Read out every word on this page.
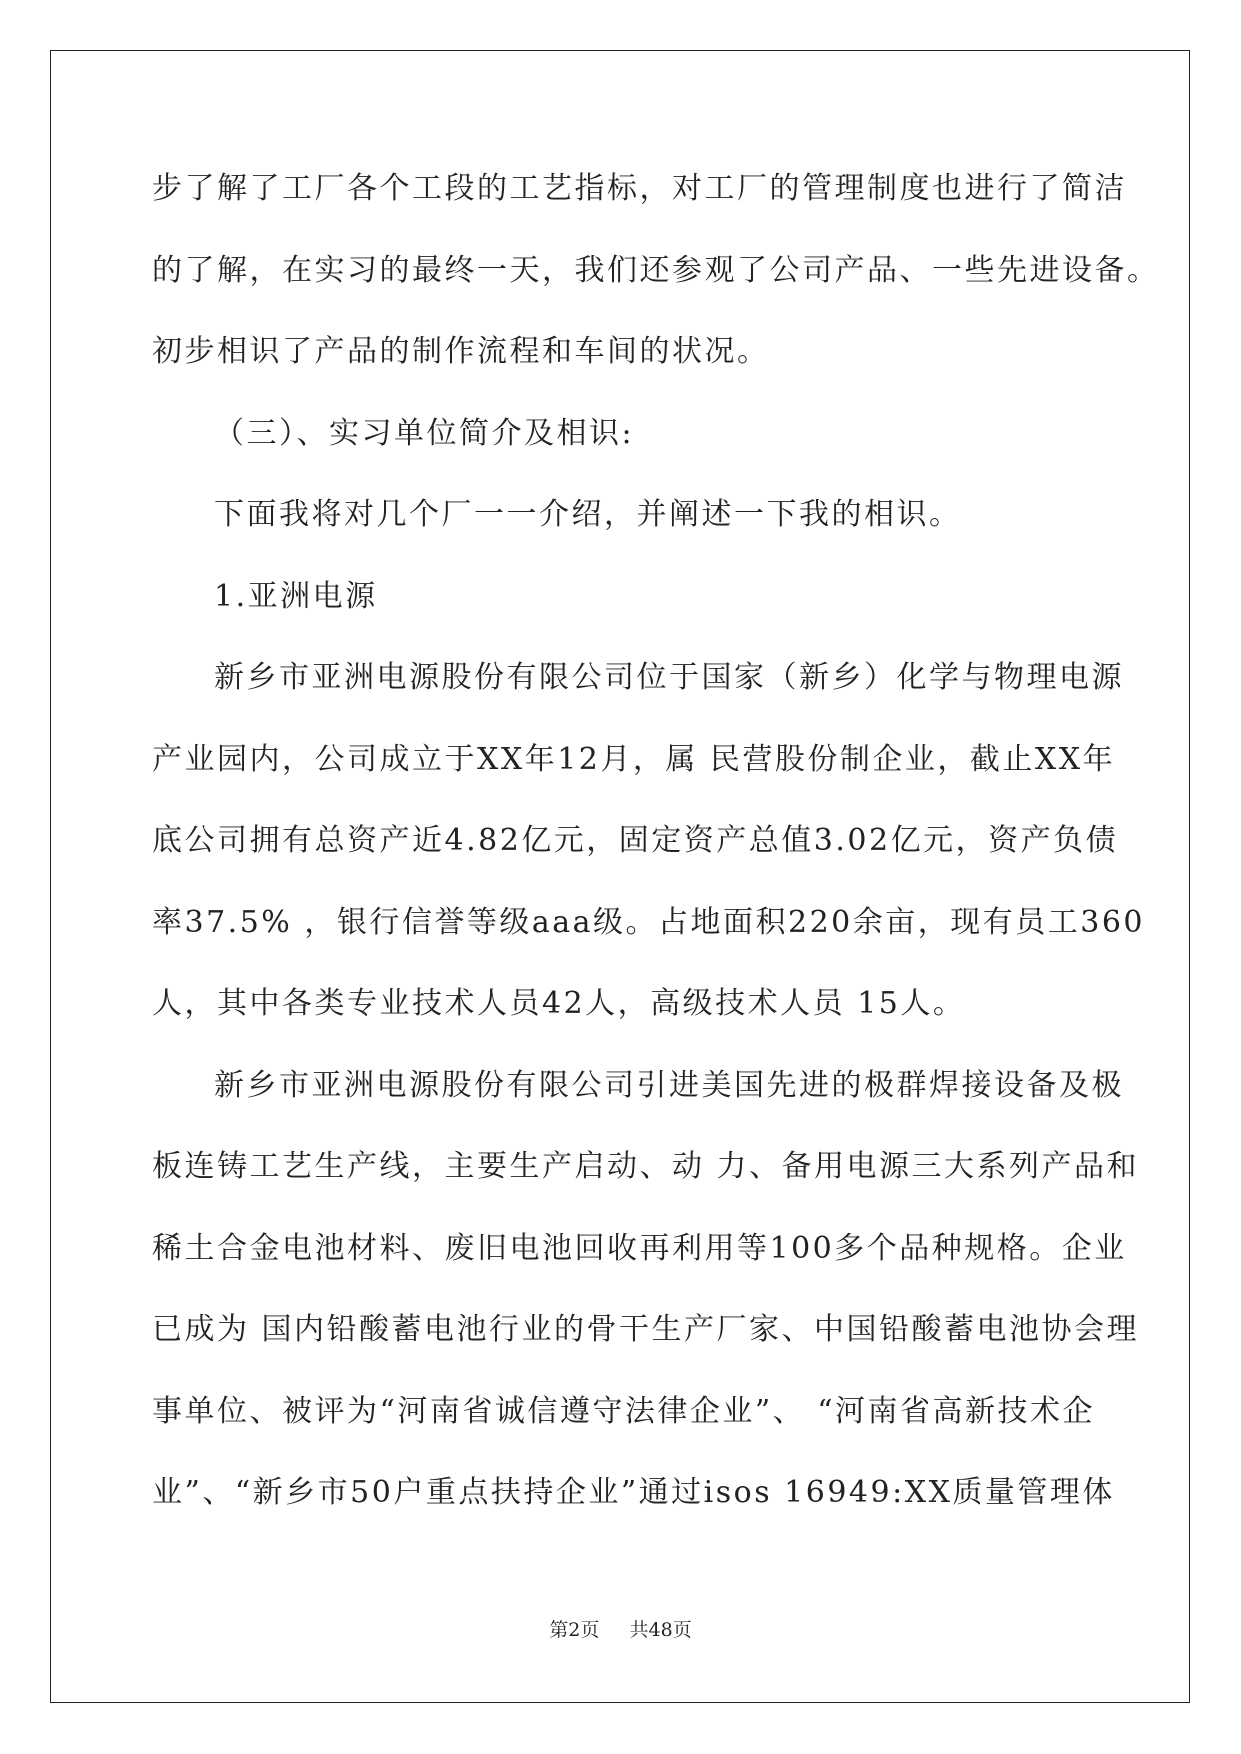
步了解了工厂各个工段的工艺指标，对工厂的管理制度也进行了简洁
的了解，在实习的最终一天，我们还参观了公司产品、一些先进设备。
初步相识了产品的制作流程和车间的状况。
（三）、实习单位简介及相识:
下面我将对几个厂一一介绍，并阐述一下我的相识。
1.亚洲电源
新乡市亚洲电源股份有限公司位于国家（新乡）化学与物理电源
产业园内，公司成立于XX年12月，属 民营股份制企业，截止XX年
底公司拥有总资产近4.82亿元，固定资产总值3.02亿元，资产负债
率37.5% ，银行信誉等级aaa级。占地面积220余亩，现有员工360
人，其中各类专业技术人员42人，高级技术人员 15人。
新乡市亚洲电源股份有限公司引进美国先进的极群焊接设备及极
板连铸工艺生产线，主要生产启动、动 力、备用电源三大系列产品和
稀土合金电池材料、废旧电池回收再利用等100多个品种规格。企业
已成为 国内铅酸蓄电池行业的骨干生产厂家、中国铅酸蓄电池协会理
事单位、被评为“河南省诚信遵守法律企业”、 “河南省高新技术企
业”、“新乡市50户重点扶持企业”通过isos 16949:XX质量管理体
第2页 共48页
